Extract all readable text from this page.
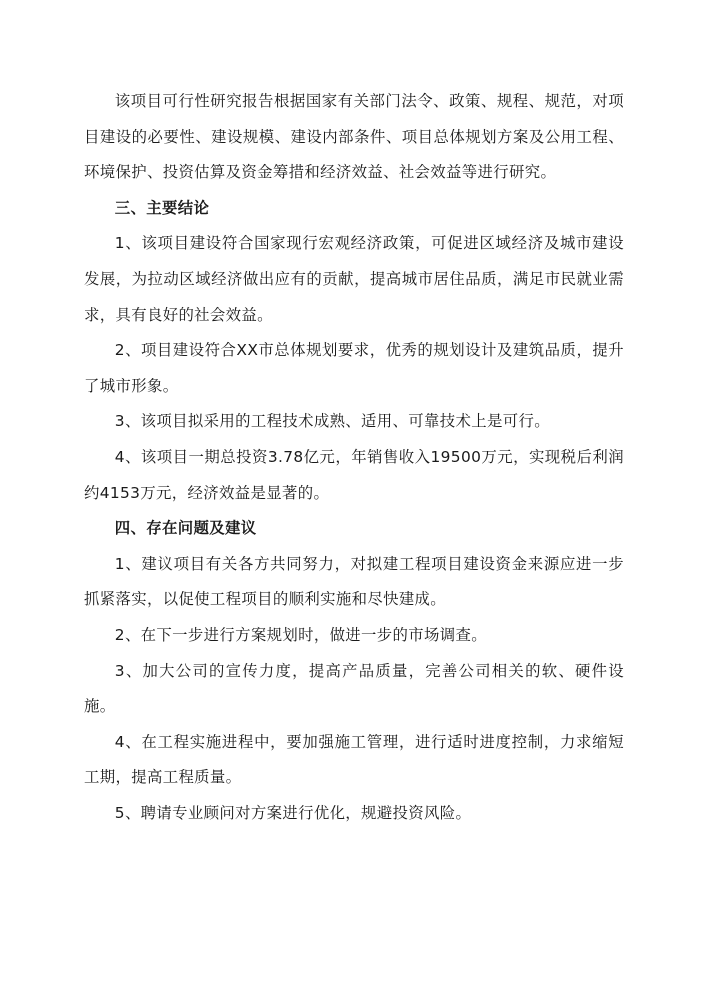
该项目可行性研究报告根据国家有关部门法令、政策、规程、规范，对项目建设的必要性、建设规模、建设内部条件、项目总体规划方案及公用工程、环境保护、投资估算及资金筹措和经济效益、社会效益等进行研究。

三、主要结论

1、该项目建设符合国家现行宏观经济政策，可促进区域经济及城市建设发展，为拉动区域经济做出应有的贡献，提高城市居住品质，满足市民就业需求，具有良好的社会效益。

2、项目建设符合XX市总体规划要求，优秀的规划设计及建筑品质，提升了城市形象。

3、该项目拟采用的工程技术成熟、适用、可靠技术上是可行。

4、该项目一期总投资3.78亿元，年销售收入19500万元，实现税后利润约4153万元，经济效益是显著的。

四、存在问题及建议

1、建议项目有关各方共同努力，对拟建工程项目建设资金来源应进一步抓紧落实，以促使工程项目的顺利实施和尽快建成。

2、在下一步进行方案规划时，做进一步的市场调查。

3、加大公司的宣传力度，提高产品质量，完善公司相关的软、硬件设施。

4、在工程实施进程中，要加强施工管理，进行适时进度控制，力求缩短工期，提高工程质量。

5、聘请专业顾问对方案进行优化，规避投资风险。
